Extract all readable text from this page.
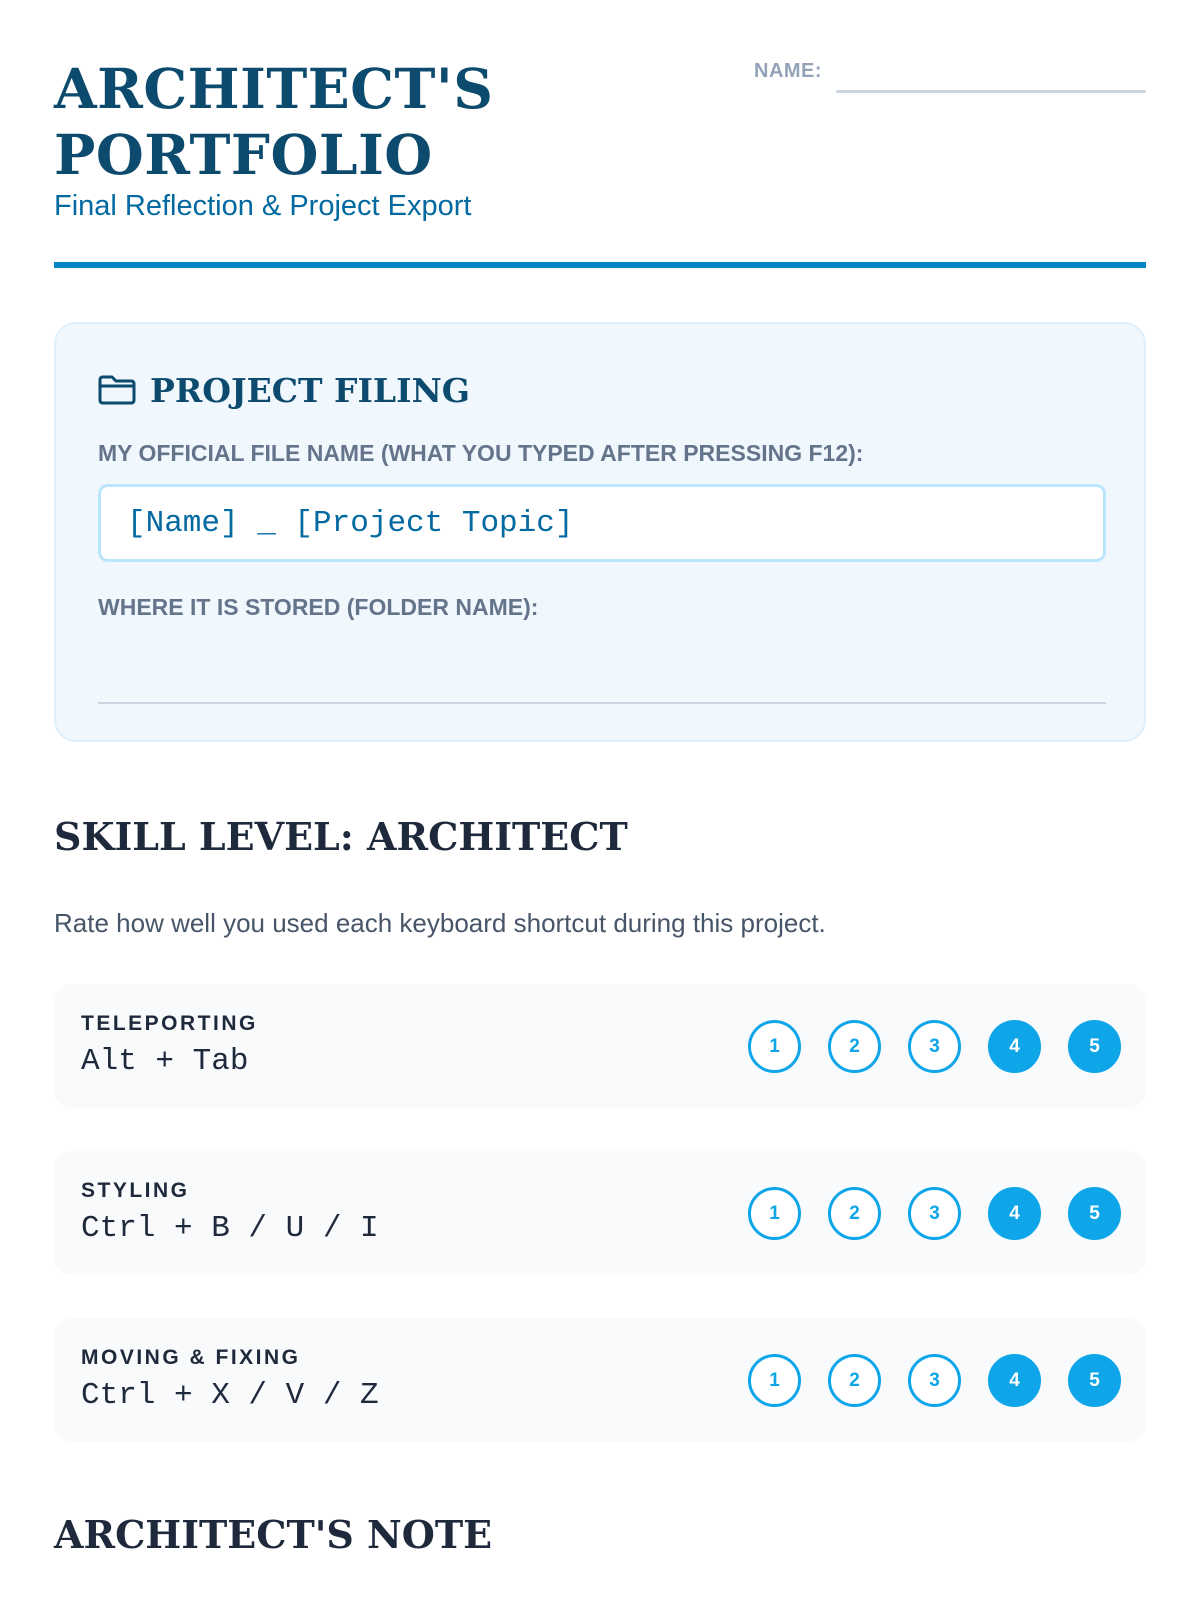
ARCHITECT'S
PORTFOLIO
Final Reflection & Project Export
NAME:
PROJECT FILING
MY OFFICIAL FILE NAME (WHAT YOU TYPED AFTER PRESSING F12):
[Name] _ [Project Topic]
WHERE IT IS STORED (FOLDER NAME):
SKILL LEVEL: ARCHITECT
Rate how well you used each keyboard shortcut during this project.
TELEPORTING
Alt + Tab	1	2	3	4	5
STYLING
Ctrl + B / U / I	1	2	3	4	5
MOVING & FIXING
Ctrl + X / V / Z	1	2	3	4	5
ARCHITECT'S NOTE
